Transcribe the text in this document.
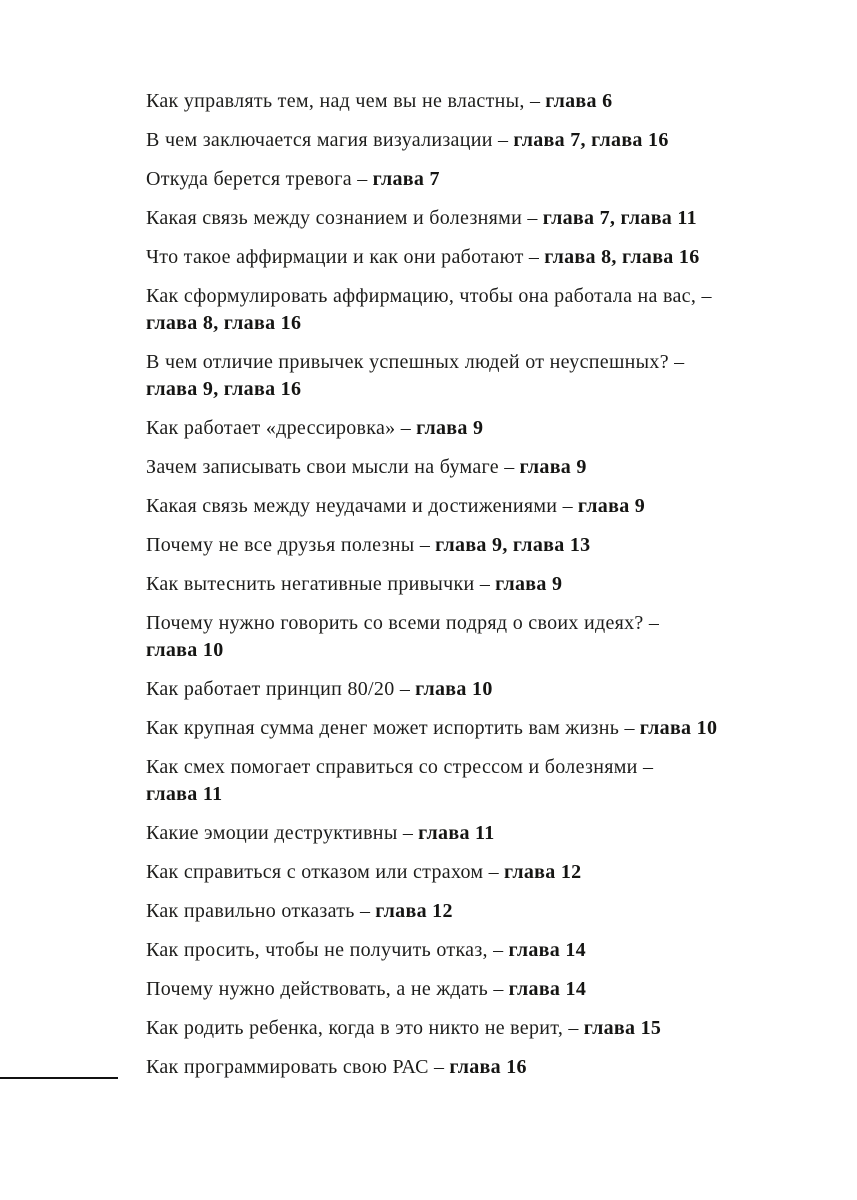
Как управлять тем, над чем вы не властны, – глава 6

В чем заключается магия визуализации – глава 7, глава 16

Откуда берется тревога – глава 7

Какая связь между сознанием и болезнями – глава 7, глава 11

Что такое аффирмации и как они работают – глава 8, глава 16

Как сформулировать аффирмацию, чтобы она работала на вас, –
глава 8, глава 16

В чем отличие привычек успешных людей от неуспешных? –
глава 9, глава 16

Как работает «дрессировка» – глава 9

Зачем записывать свои мысли на бумаге – глава 9

Какая связь между неудачами и достижениями – глава 9

Почему не все друзья полезны – глава 9, глава 13

Как вытеснить негативные привычки – глава 9

Почему нужно говорить со всеми подряд о своих идеях? –
глава 10

Как работает принцип 80/20 – глава 10

Как крупная сумма денег может испортить вам жизнь – глава 10

Как смех помогает справиться со стрессом и болезнями –
глава 11

Какие эмоции деструктивны – глава 11

Как справиться с отказом или страхом – глава 12

Как правильно отказать – глава 12

Как просить, чтобы не получить отказ, – глава 14

Почему нужно действовать, а не ждать – глава 14

Как родить ребенка, когда в это никто не верит, – глава 15

Как программировать свою РАС – глава 16
